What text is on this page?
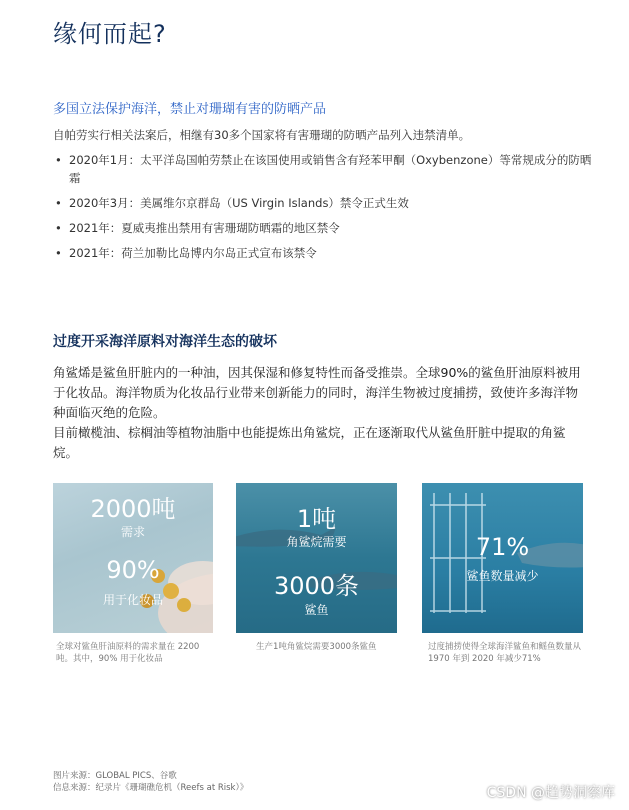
缘何而起?
多国立法保护海洋，禁止对珊瑚有害的防晒产品
自帕劳实行相关法案后，相继有30多个国家将有害珊瑚的防晒产品列入违禁清单。
• 2020年1月：太平洋岛国帕劳禁止在该国使用或销售含有羟苯甲酮（Oxybenzone）等常规成分的防晒霜
• 2020年3月：美属维尔京群岛（US Virgin Islands）禁令正式生效
• 2021年：夏威夷推出禁用有害珊瑚防晒霜的地区禁令
• 2021年：荷兰加勒比岛博内尔岛正式宣布该禁令
过度开采海洋原料对海洋生态的破坏

角鲨烯是鲨鱼肝脏内的一种油，因其保湿和修复特性而备受推崇。全球90%的鲨鱼肝油原料被用于化妆品。海洋物质为化妆品行业带来创新能力的同时，海洋生物被过度捕捞，致使许多海洋物种面临灭绝的危险。

目前橄榄油、棕榈油等植物油脂中也能提炼出角鲨烷，正在逐渐取代从鲨鱼肝脏中提取的角鲨烷。

2000吨
需求
90%
用于化妆品
全球对鲨鱼肝油原料的需求量在 2200吨。其中，90% 用于化妆品
1吨
角鲨烷需要
3000条
鲨鱼
生产1吨角鲨烷需要3000条鲨鱼
71%
鲨鱼数量减少
过度捕捞使得全球海洋鲨鱼和鳐鱼数量从 1970 年到 2020 年减少71%
图片来源：GLOBAL PICS、谷歌
信息来源：纪录片《珊瑚礁危机（Reefs at Risk）》	CSDN @趋势洞察库
